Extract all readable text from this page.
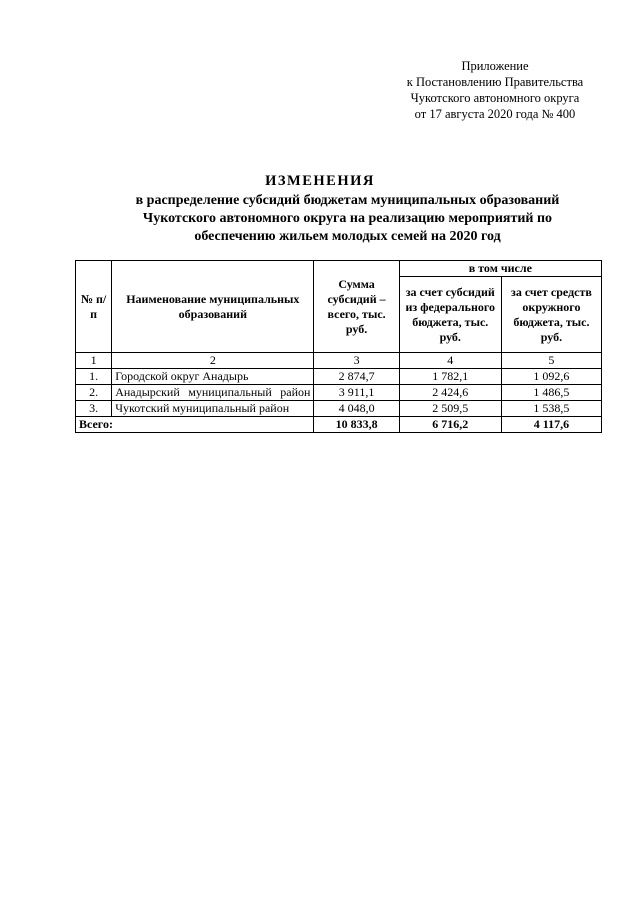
Приложение
к Постановлению Правительства
Чукотского автономного округа
от 17 августа 2020 года № 400
ИЗМЕНЕНИЯ
в распределение субсидий бюджетам муниципальных образований
Чукотского автономного округа на реализацию мероприятий по
обеспечению жильем молодых семей на 2020 год
№ п/п	Наименование муниципальных образований	Сумма субсидий – всего, тыс. руб.	в том числе	
			за счет субсидий из федерального бюджета, тыс. руб.	за счет средств окружного бюджета, тыс. руб.
1	2	3	4	5
1.	Городской округ Анадырь	2 874,7	1 782,1	1 092,6
2.	Анадырский муниципальный район	3 911,1	2 424,6	1 486,5
3.	Чукотский муниципальный район	4 048,0	2 509,5	1 538,5
Всего:		10 833,8	6 716,2	4 117,6
